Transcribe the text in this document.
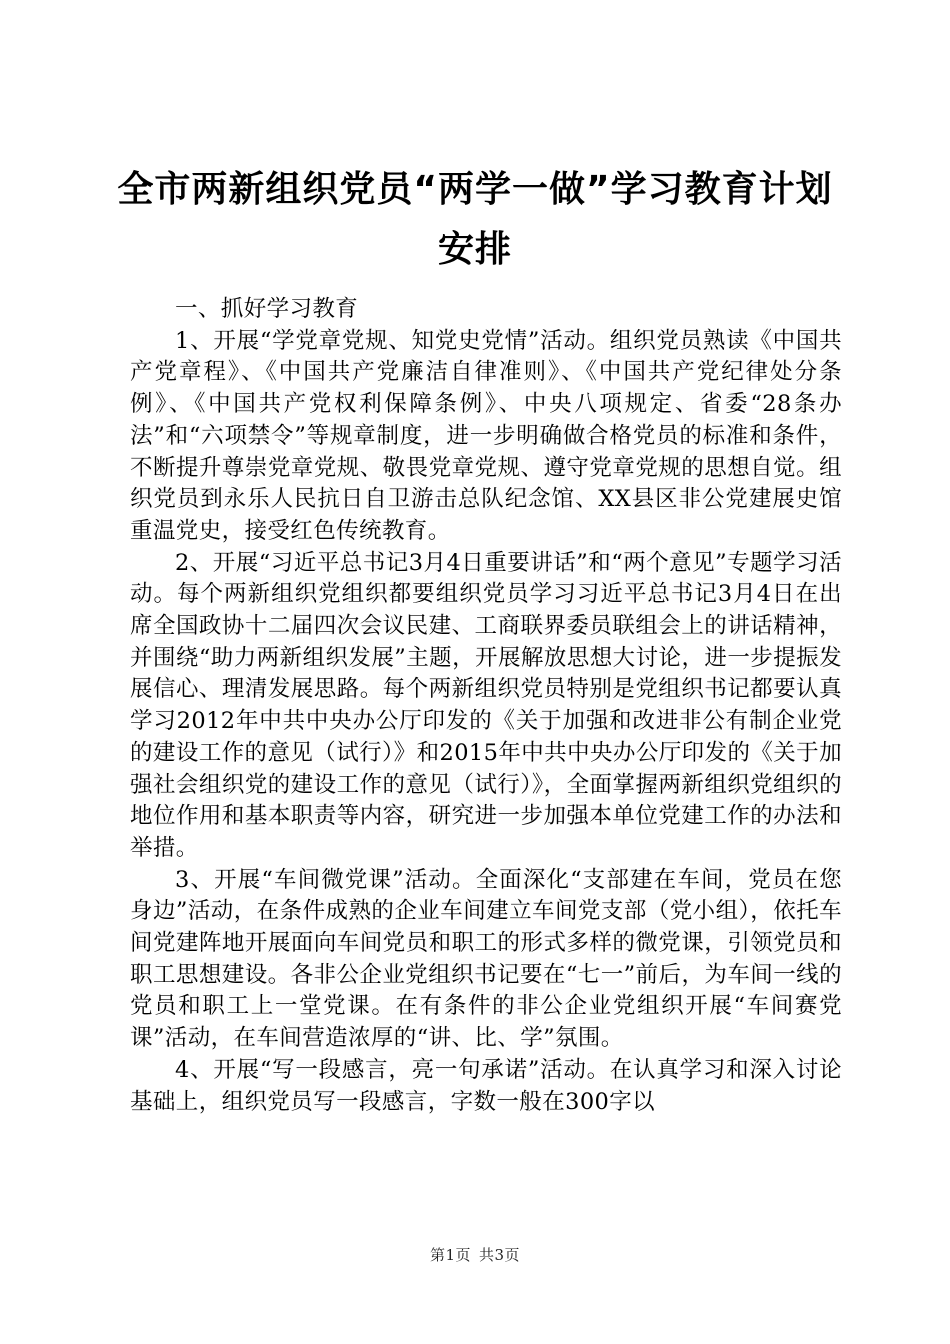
全市两新组织党员“两学一做”学习教育计划安排

一、抓好学习教育

1、开展“学党章党规、知党史党情”活动。组织党员熟读《中国共产党章程》、《中国共产党廉洁自律准则》、《中国共产党纪律处分条例》、《中国共产党权利保障条例》、中央八项规定、省委“28条办法”和“六项禁令”等规章制度，进一步明确做合格党员的标准和条件，不断提升尊崇党章党规、敬畏党章党规、遵守党章党规的思想自觉。组织党员到永乐人民抗日自卫游击总队纪念馆、XX县区非公党建展史馆重温党史，接受红色传统教育。

2、开展“习近平总书记3月4日重要讲话”和“两个意见”专题学习活动。每个两新组织党组织都要组织党员学习习近平总书记3月4日在出席全国政协十二届四次会议民建、工商联界委员联组会上的讲话精神，并围绕“助力两新组织发展”主题，开展解放思想大讨论，进一步提振发展信心、理清发展思路。每个两新组织党员特别是党组织书记都要认真学习2012年中共中央办公厅印发的《关于加强和改进非公有制企业党的建设工作的意见（试行）》和2015年中共中央办公厅印发的《关于加强社会组织党的建设工作的意见（试行）》，全面掌握两新组织党组织的地位作用和基本职责等内容，研究进一步加强本单位党建工作的办法和举措。

3、开展“车间微党课”活动。全面深化“支部建在车间，党员在您身边”活动，在条件成熟的企业车间建立车间党支部（党小组），依托车间党建阵地开展面向车间党员和职工的形式多样的微党课，引领党员和职工思想建设。各非公企业党组织书记要在“七一”前后，为车间一线的党员和职工上一堂党课。在有条件的非公企业党组织开展“车间赛党课”活动，在车间营造浓厚的“讲、比、学”氛围。

4、开展“写一段感言，亮一句承诺”活动。在认真学习和深入讨论基础上，组织党员写一段感言，字数一般在300字以

第1页 共3页
